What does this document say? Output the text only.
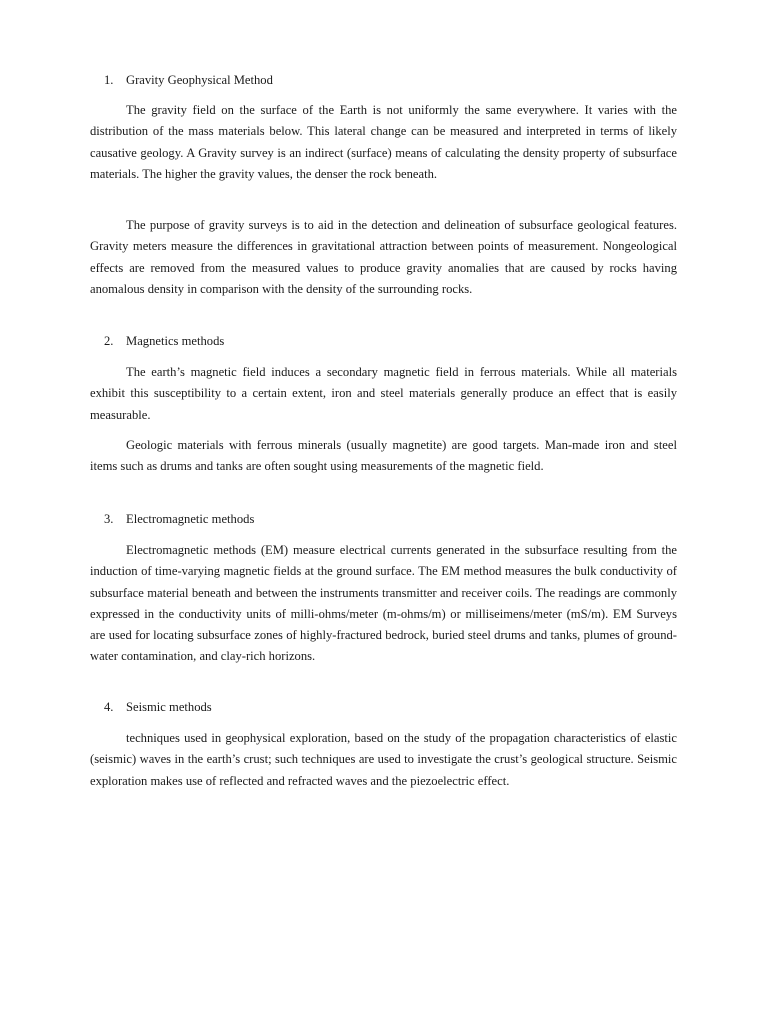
1. Gravity Geophysical Method

The gravity field on the surface of the Earth is not uniformly the same everywhere. It varies with the distribution of the mass materials below. This lateral change can be measured and interpreted in terms of likely causative geology. A Gravity survey is an indirect (surface) means of calculating the density property of subsurface materials. The higher the gravity values, the denser the rock beneath.

The purpose of gravity surveys is to aid in the detection and delineation of subsurface geological features. Gravity meters measure the differences in gravitational attraction between points of measurement. Nongeological effects are removed from the measured values to produce gravity anomalies that are caused by rocks having anomalous density in comparison with the density of the surrounding rocks.

2. Magnetics methods

The earth’s magnetic field induces a secondary magnetic field in ferrous materials. While all materials exhibit this susceptibility to a certain extent, iron and steel materials generally produce an effect that is easily measurable.

Geologic materials with ferrous minerals (usually magnetite) are good targets. Man-made iron and steel items such as drums and tanks are often sought using measurements of the magnetic field.

3. Electromagnetic methods

Electromagnetic methods (EM) measure electrical currents generated in the subsurface resulting from the induction of time-varying magnetic fields at the ground surface. The EM method measures the bulk conductivity of subsurface material beneath and between the instruments transmitter and receiver coils. The readings are commonly expressed in the conductivity units of milli-ohms/meter (m-ohms/m) or milliseimens/meter (mS/m). EM Surveys are used for locating subsurface zones of highly-fractured bedrock, buried steel drums and tanks, plumes of ground-water contamination, and clay-rich horizons.

4. Seismic methods

techniques used in geophysical exploration, based on the study of the propagation characteristics of elastic (seismic) waves in the earth’s crust; such techniques are used to investigate the crust’s geological structure. Seismic exploration makes use of reflected and refracted waves and the piezoelectric effect.
